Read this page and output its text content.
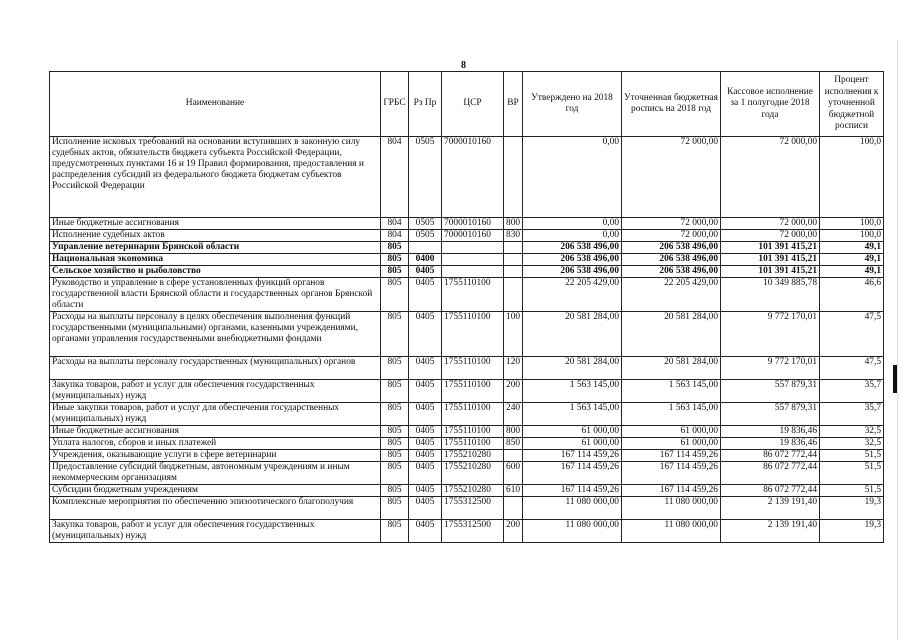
8
Наименование	ГРБС	Рз Пр	ЦСР	ВР	Утверждено на 2018 год	Уточненная бюджетная роспись на 2018 год	Кассовое исполнение за 1 полугодие 2018 года	Процент исполнения к уточненной бюджетной росписи
Исполнение исковых требований на основании вступивших в законную силу судебных актов, обязательств бюджета субъекта Российской Федерации, предусмотренных пунктами 16 и 19 Правил формирования, предоставления и распределения субсидий из федерального бюджета бюджетам субъектов Российской Федерации	804	0505	7000010160		0,00	72 000,00	72 000,00	100,0
Иные бюджетные ассигнования	804	0505	7000010160	800	0,00	72 000,00	72 000,00	100,0
Исполнение судебных актов	804	0505	7000010160	830	0,00	72 000,00	72 000,00	100,0
Управление ветеринарии Брянской области	805				206 538 496,00	206 538 496,00	101 391 415,21	49,1
Национальная экономика	805	0400			206 538 496,00	206 538 496,00	101 391 415,21	49,1
Сельское хозяйство и рыболовство	805	0405			206 538 496,00	206 538 496,00	101 391 415,21	49,1
Руководство и управление в сфере установленных функций органов государственной власти Брянской области и государственных органов Брянской области	805	0405	1755110100		22 205 429,00	22 205 429,00	10 349 885,78	46,6
Расходы на выплаты персоналу в целях обеспечения выполнения функций государственными (муниципальными) органами, казенными учреждениями, органами управления государственными внебюджетными фондами	805	0405	1755110100	100	20 581 284,00	20 581 284,00	9 772 170,01	47,5
Расходы на выплаты персоналу государственных (муниципальных) органов	805	0405	1755110100	120	20 581 284,00	20 581 284,00	9 772 170,01	47,5
Закупка товаров, работ и услуг для обеспечения государственных (муниципальных) нужд	805	0405	1755110100	200	1 563 145,00	1 563 145,00	557 879,31	35,7
Иные закупки товаров, работ и услуг для обеспечения государственных (муниципальных) нужд	805	0405	1755110100	240	1 563 145,00	1 563 145,00	557 879,31	35,7
Иные бюджетные ассигнования	805	0405	1755110100	800	61 000,00	61 000,00	19 836,46	32,5
Уплата налогов, сборов и иных платежей	805	0405	1755110100	850	61 000,00	61 000,00	19 836,46	32,5
Учреждения, оказывающие услуги в сфере ветеринарии	805	0405	1755210280		167 114 459,26	167 114 459,26	86 072 772,44	51,5
Предоставление субсидий бюджетным, автономным учреждениям и иным некоммерческим организациям	805	0405	1755210280	600	167 114 459,26	167 114 459,26	86 072 772,44	51,5
Субсидии бюджетным учреждениям	805	0405	1755210280	610	167 114 459,26	167 114 459,26	86 072 772,44	51,5
Комплексные мероприятия по обеспечению эпизоотического благополучия	805	0405	1755312500		11 080 000,00	11 080 000,00	2 139 191,40	19,3
Закупка товаров, работ и услуг для обеспечения государственных (муниципальных) нужд	805	0405	1755312500	200	11 080 000,00	11 080 000,00	2 139 191,40	19,3
